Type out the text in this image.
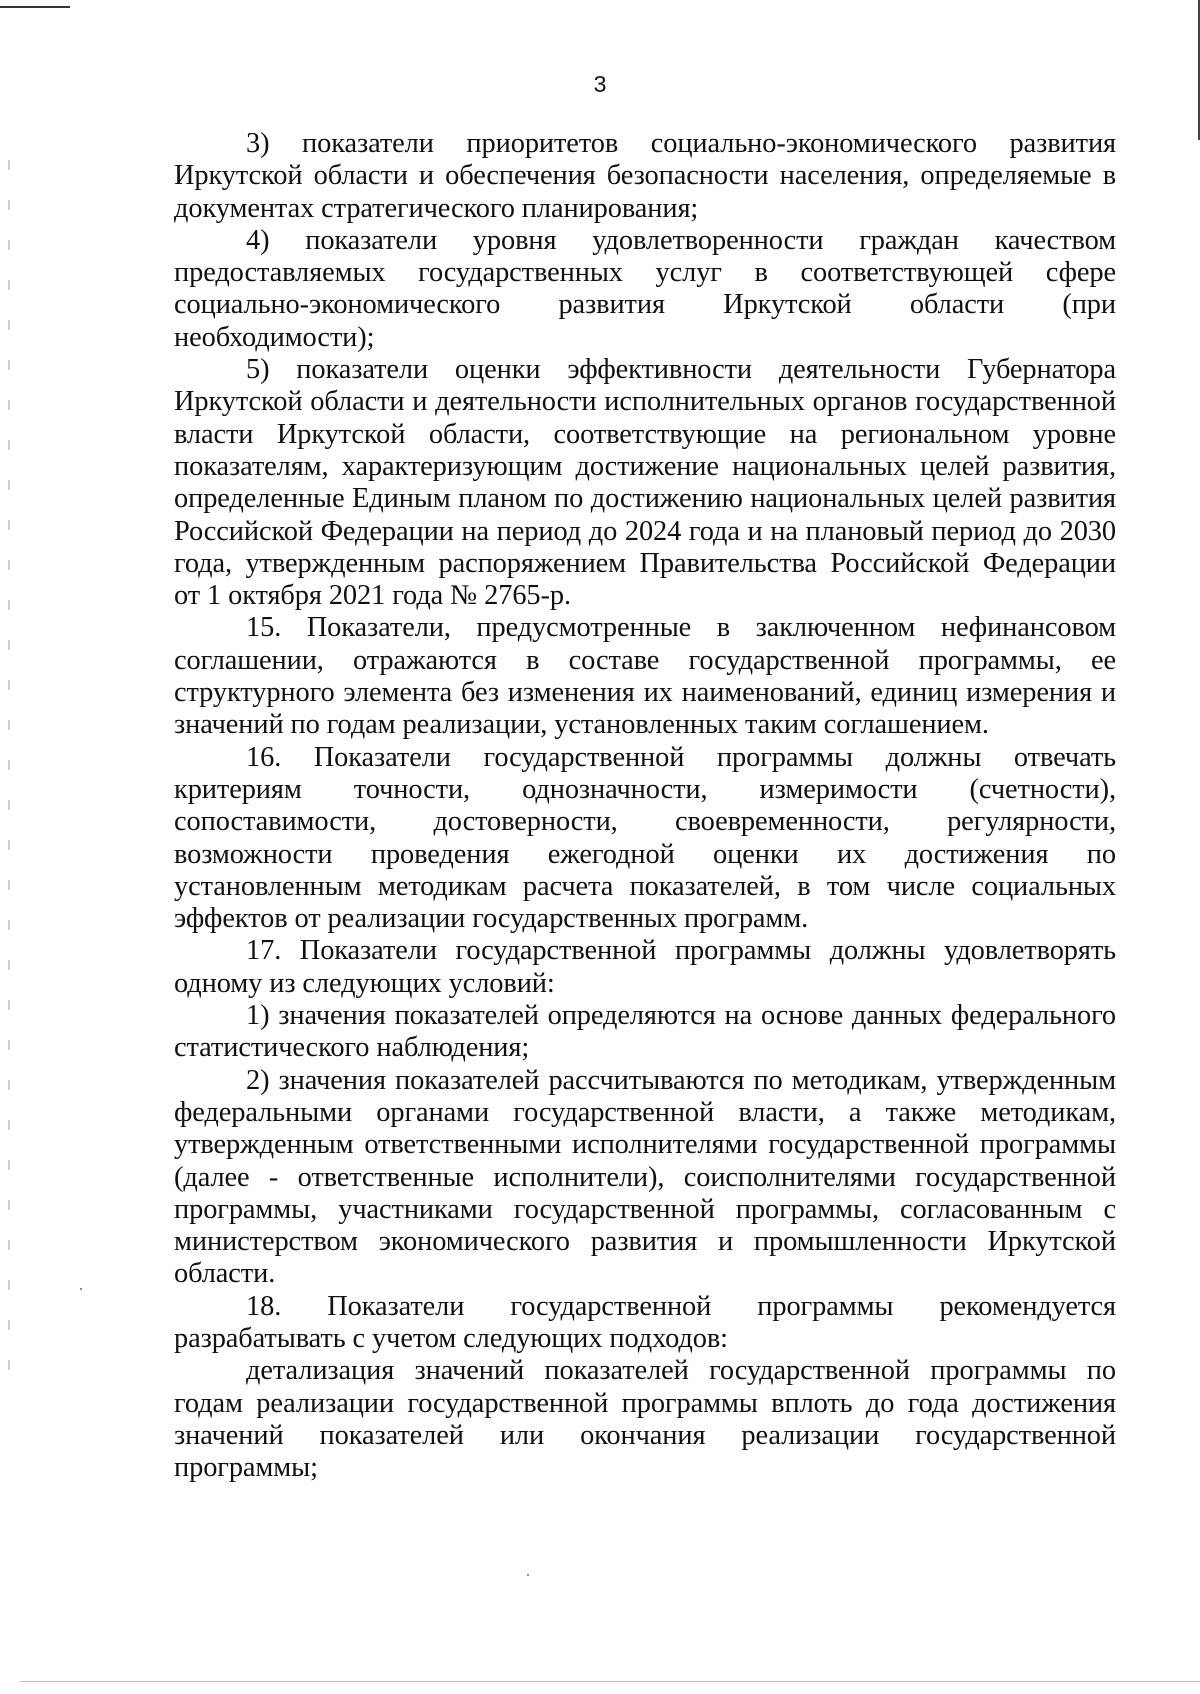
3

3) показатели приоритетов социально-экономического развития Иркутской области и обеспечения безопасности населения, определяемые в документах стратегического планирования;

4) показатели уровня удовлетворенности граждан качеством предоставляемых государственных услуг в соответствующей сфере социально-экономического развития Иркутской области (при необходимости);

5) показатели оценки эффективности деятельности Губернатора Иркутской области и деятельности исполнительных органов государственной власти Иркутской области, соответствующие на региональном уровне показателям, характеризующим достижение национальных целей развития, определенные Единым планом по достижению национальных целей развития Российской Федерации на период до 2024 года и на плановый период до 2030 года, утвержденным распоряжением Правительства Российской Федерации от 1 октября 2021 года № 2765-р.

15. Показатели, предусмотренные в заключенном нефинансовом соглашении, отражаются в составе государственной программы, ее структурного элемента без изменения их наименований, единиц измерения и значений по годам реализации, установленных таким соглашением.

16. Показатели государственной программы должны отвечать критериям точности, однозначности, измеримости (счетности), сопоставимости, достоверности, своевременности, регулярности, возможности проведения ежегодной оценки их достижения по установленным методикам расчета показателей, в том числе социальных эффектов от реализации государственных программ.

17. Показатели государственной программы должны удовлетворять одному из следующих условий:

1) значения показателей определяются на основе данных федерального статистического наблюдения;

2) значения показателей рассчитываются по методикам, утвержденным федеральными органами государственной власти, а также методикам, утвержденным ответственными исполнителями государственной программы (далее - ответственные исполнители), соисполнителями государственной программы, участниками государственной программы, согласованным с министерством экономического развития и промышленности Иркутской области.

18. Показатели государственной программы рекомендуется разрабатывать с учетом следующих подходов:

детализация значений показателей государственной программы по годам реализации государственной программы вплоть до года достижения значений показателей или окончания реализации государственной программы;
